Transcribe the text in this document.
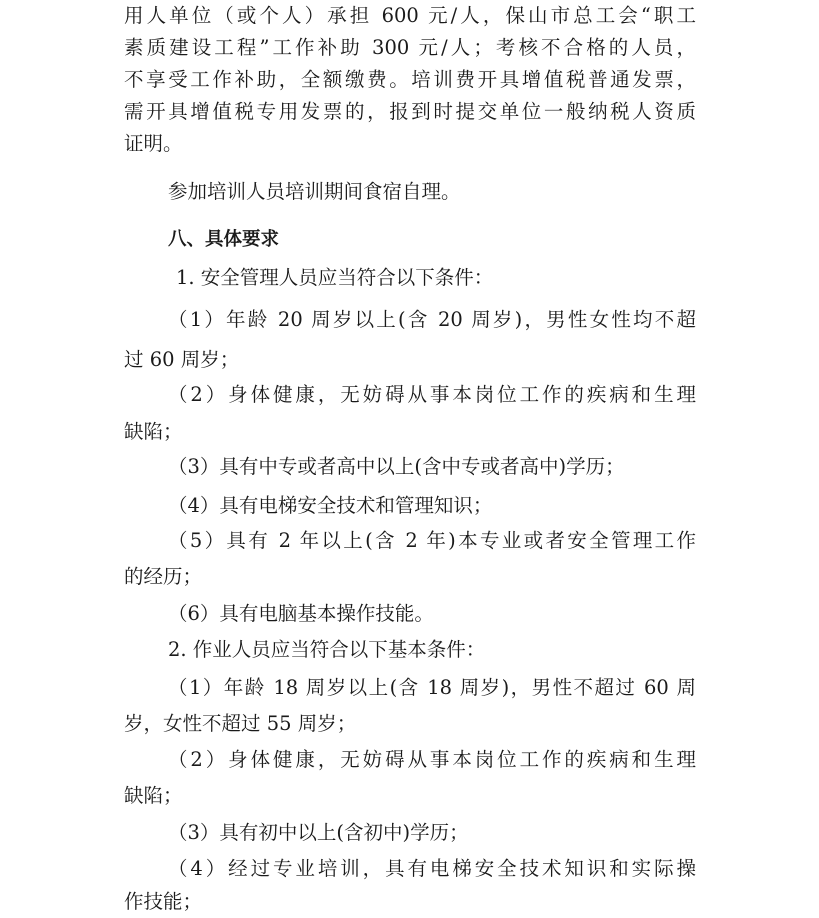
用人单位（或个人）承担 600 元/人，保山市总工会“职工
素质建设工程”工作补助 300 元/人；考核不合格的人员，
不享受工作补助，全额缴费。培训费开具增值税普通发票，
需开具增值税专用发票的，报到时提交单位一般纳税人资质
证明。
参加培训人员培训期间食宿自理。
八、具体要求
1. 安全管理人员应当符合以下条件：
（1）年龄 20 周岁以上(含 20 周岁)，男性女性均不超
过 60 周岁；
（2）身体健康，无妨碍从事本岗位工作的疾病和生理
缺陷；
（3）具有中专或者高中以上(含中专或者高中)学历；
（4）具有电梯安全技术和管理知识；
（5）具有 2 年以上(含 2 年)本专业或者安全管理工作
的经历；
（6）具有电脑基本操作技能。
2. 作业人员应当符合以下基本条件：
（1）年龄 18 周岁以上(含 18 周岁)，男性不超过 60 周
岁，女性不超过 55 周岁；
（2）身体健康，无妨碍从事本岗位工作的疾病和生理
缺陷；
（3）具有初中以上(含初中)学历；
（4）经过专业培训，具有电梯安全技术知识和实际操
作技能；
